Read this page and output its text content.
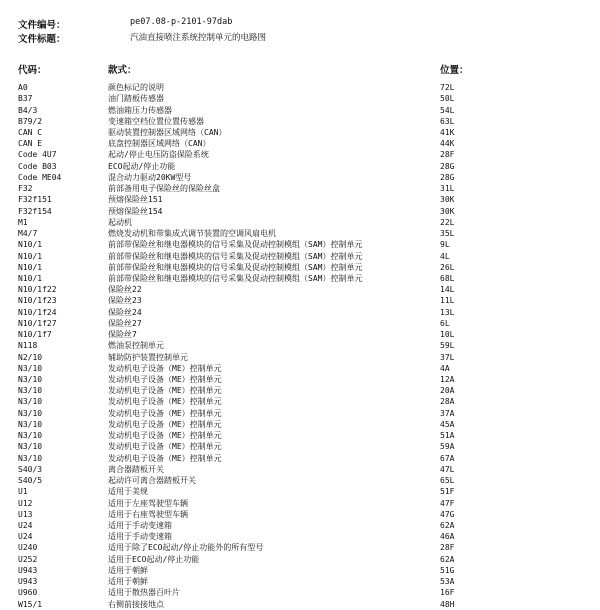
文件编号：	pe07.08-p-2101-97dab
文件标题：	汽油直接喷注系统控制单元的电路图
代码：	款式：	位置：
A0	颜色标记的说明	72L
B37	油门踏板传感器	50L
B4/3	燃油箱压力传感器	54L
B79/2	变速箱空档位置位置传感器	63L
CAN C	驱动装置控制器区域网络（CAN）	41K
CAN E	底盘控制器区域网络（CAN）	44K
Code 4U7	起动/停止电压防盗保险系统	28F
Code B03	ECO起动/停止功能	28G
Code ME04	混合动力驱动20KW型号	28G
F32	前部备用电子保险丝的保险丝盒	31L
F32f151	预熔保险丝151	30K
F32f154	预熔保险丝154	30K
M1	起动机	22L
M4/7	燃烧发动机和带集成式调节装置的空调风扇电机	35L
N10/1	前部带保险丝和继电器模块的信号采集及促动控制模组（SAM）控制单元	9L
N10/1	前部带保险丝和继电器模块的信号采集及促动控制模组（SAM）控制单元	4L
N10/1	前部带保险丝和继电器模块的信号采集及促动控制模组（SAM）控制单元	26L
N10/1	前部带保险丝和继电器模块的信号采集及促动控制模组（SAM）控制单元	68L
N10/1f22	保险丝22	14L
N10/1f23	保险丝23	11L
N10/1f24	保险丝24	13L
N10/1f27	保险丝27	6L
N10/1f7	保险丝7	10L
N118	燃油泵控制单元	59L
N2/10	辅助防护装置控制单元	37L
N3/10	发动机电子设备（ME）控制单元	4A
N3/10	发动机电子设备（ME）控制单元	12A
N3/10	发动机电子设备（ME）控制单元	20A
N3/10	发动机电子设备（ME）控制单元	28A
N3/10	发动机电子设备（ME）控制单元	37A
N3/10	发动机电子设备（ME）控制单元	45A
N3/10	发动机电子设备（ME）控制单元	51A
N3/10	发动机电子设备（ME）控制单元	59A
N3/10	发动机电子设备（ME）控制单元	67A
S40/3	离合器踏板开关	47L
S40/5	起动许可离合器踏板开关	65L
U1	适用于美规	51F
U12	适用于左座驾驶型车辆	47F
U13	适用于右座驾驶型车辆	47G
U24	适用于手动变速箱	62A
U24	适用于手动变速箱	46A
U240	适用于除了ECO起动/停止功能外的所有型号	28F
U252	适用于ECO起动/停止功能	62A
U943	适用于朝鲜	51G
U943	适用于朝鲜	53A
U960	适用于散热器百叶片	16F
W15/1	右侧前接接地点	48H
